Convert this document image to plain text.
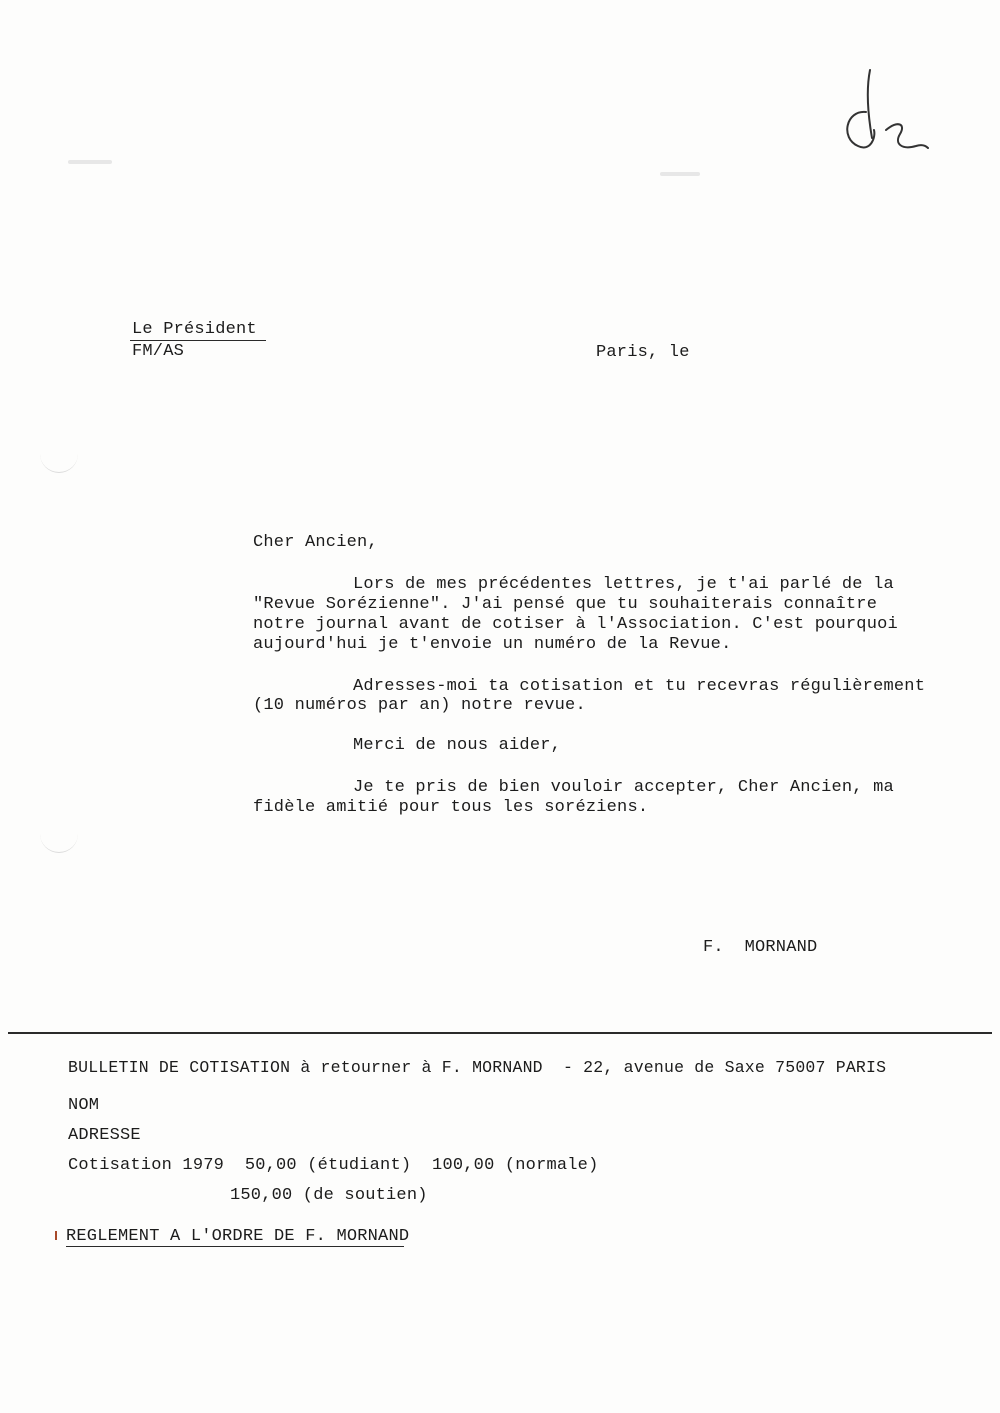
Le Président
FM/AS	Paris, le
Cher Ancien,
Lors de mes précédentes lettres, je t'ai parlé de la
"Revue Sorézienne". J'ai pensé que tu souhaiterais connaître
notre journal avant de cotiser à l'Association. C'est pourquoi
aujourd'hui je t'envoie un numéro de la Revue.
Adresses-moi ta cotisation et tu recevras régulièrement
(10 numéros par an) notre revue.
Merci de nous aider,
Je te pris de bien vouloir accepter, Cher Ancien, ma
fidèle amitié pour tous les soréziens.
F.  MORNAND
BULLETIN DE COTISATION à retourner à F. MORNAND  - 22, avenue de Saxe 75007 PARIS
NOM
ADRESSE
Cotisation 1979  50,00 (étudiant)  100,00 (normale)
150,00 (de soutien)
REGLEMENT A L'ORDRE DE F. MORNAND
